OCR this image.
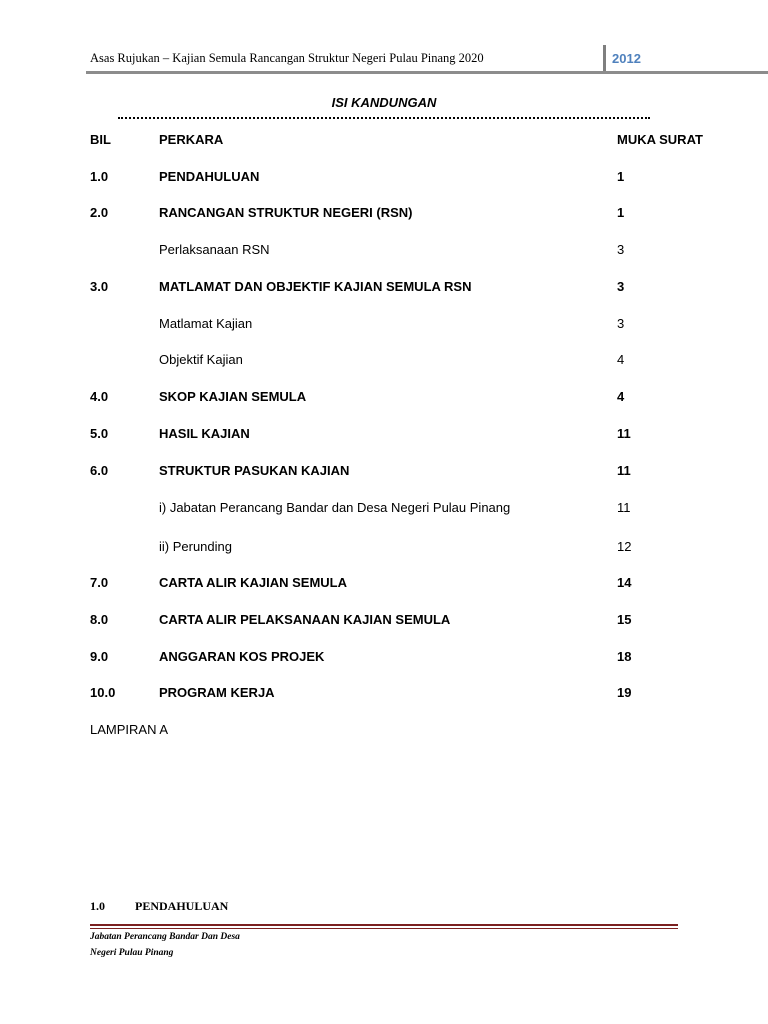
Asas Rujukan – Kajian Semula Rancangan Struktur Negeri Pulau Pinang 2020	2012
ISI KANDUNGAN
BIL	PERKARA	MUKA SURAT
1.0	PENDAHULUAN	1
2.0	RANCANGAN STRUKTUR NEGERI (RSN)	1
Perlaksanaan RSN	3
3.0	MATLAMAT DAN OBJEKTIF KAJIAN SEMULA RSN	3
Matlamat Kajian	3
Objektif Kajian	4
4.0	SKOP KAJIAN SEMULA	4
5.0	HASIL KAJIAN	11
6.0	STRUKTUR PASUKAN KAJIAN	11
i) Jabatan Perancang Bandar dan Desa Negeri Pulau Pinang	11
ii) Perunding	12
7.0	CARTA ALIR KAJIAN SEMULA	14
8.0	CARTA ALIR PELAKSANAAN KAJIAN SEMULA	15
9.0	ANGGARAN KOS PROJEK	18
10.0	PROGRAM KERJA	19
LAMPIRAN A
1.0	PENDAHULUAN
Jabatan Perancang Bandar Dan Desa
Negeri Pulau Pinang
